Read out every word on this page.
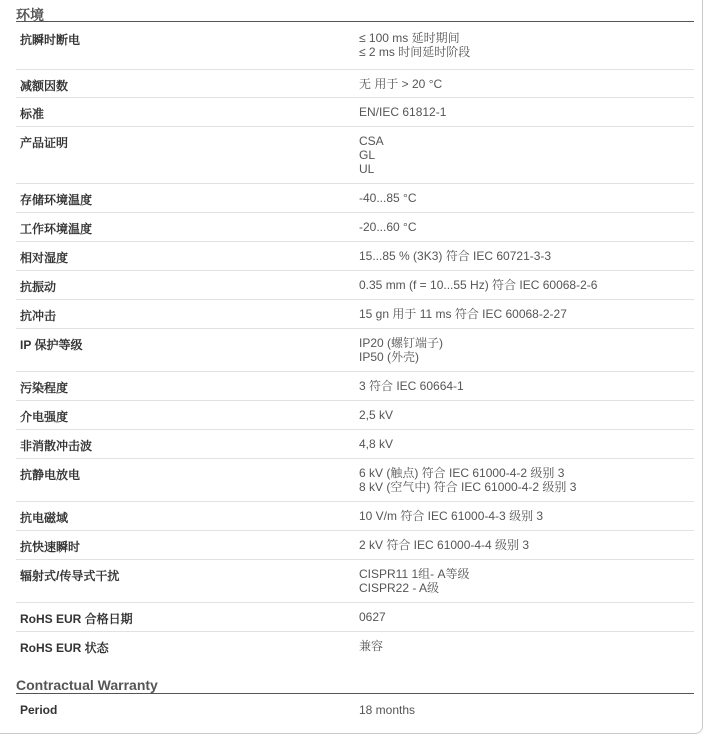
环境
抗瞬时断电	≤ 100 ms 延时期间
≤ 2 ms 时间延时阶段
减额因数	无 用于 > 20 °C
标准	EN/IEC 61812-1
产品证明	CSA
GL
UL
存储环境温度	-40...85 °C
工作环境温度	-20...60 °C
相对湿度	15...85 % (3K3) 符合 IEC 60721-3-3
抗振动	0.35 mm (f = 10...55 Hz) 符合 IEC 60068-2-6
抗冲击	15 gn 用于 11 ms 符合 IEC 60068-2-27
IP 保护等级	IP20 (螺钉端子)
IP50 (外壳)
污染程度	3 符合 IEC 60664-1
介电强度	2,5 kV
非消散冲击波	4,8 kV
抗静电放电	6 kV (触点) 符合 IEC 61000-4-2 级别 3
8 kV (空气中) 符合 IEC 61000-4-2 级别 3
抗电磁域	10 V/m 符合 IEC 61000-4-3 级别 3
抗快速瞬时	2 kV 符合 IEC 61000-4-4 级别 3
辐射式/传导式干扰	CISPR11 1组- A等级
CISPR22 - A级
RoHS EUR 合格日期	0627
RoHS EUR 状态	兼容
Contractual Warranty
Period	18 months
